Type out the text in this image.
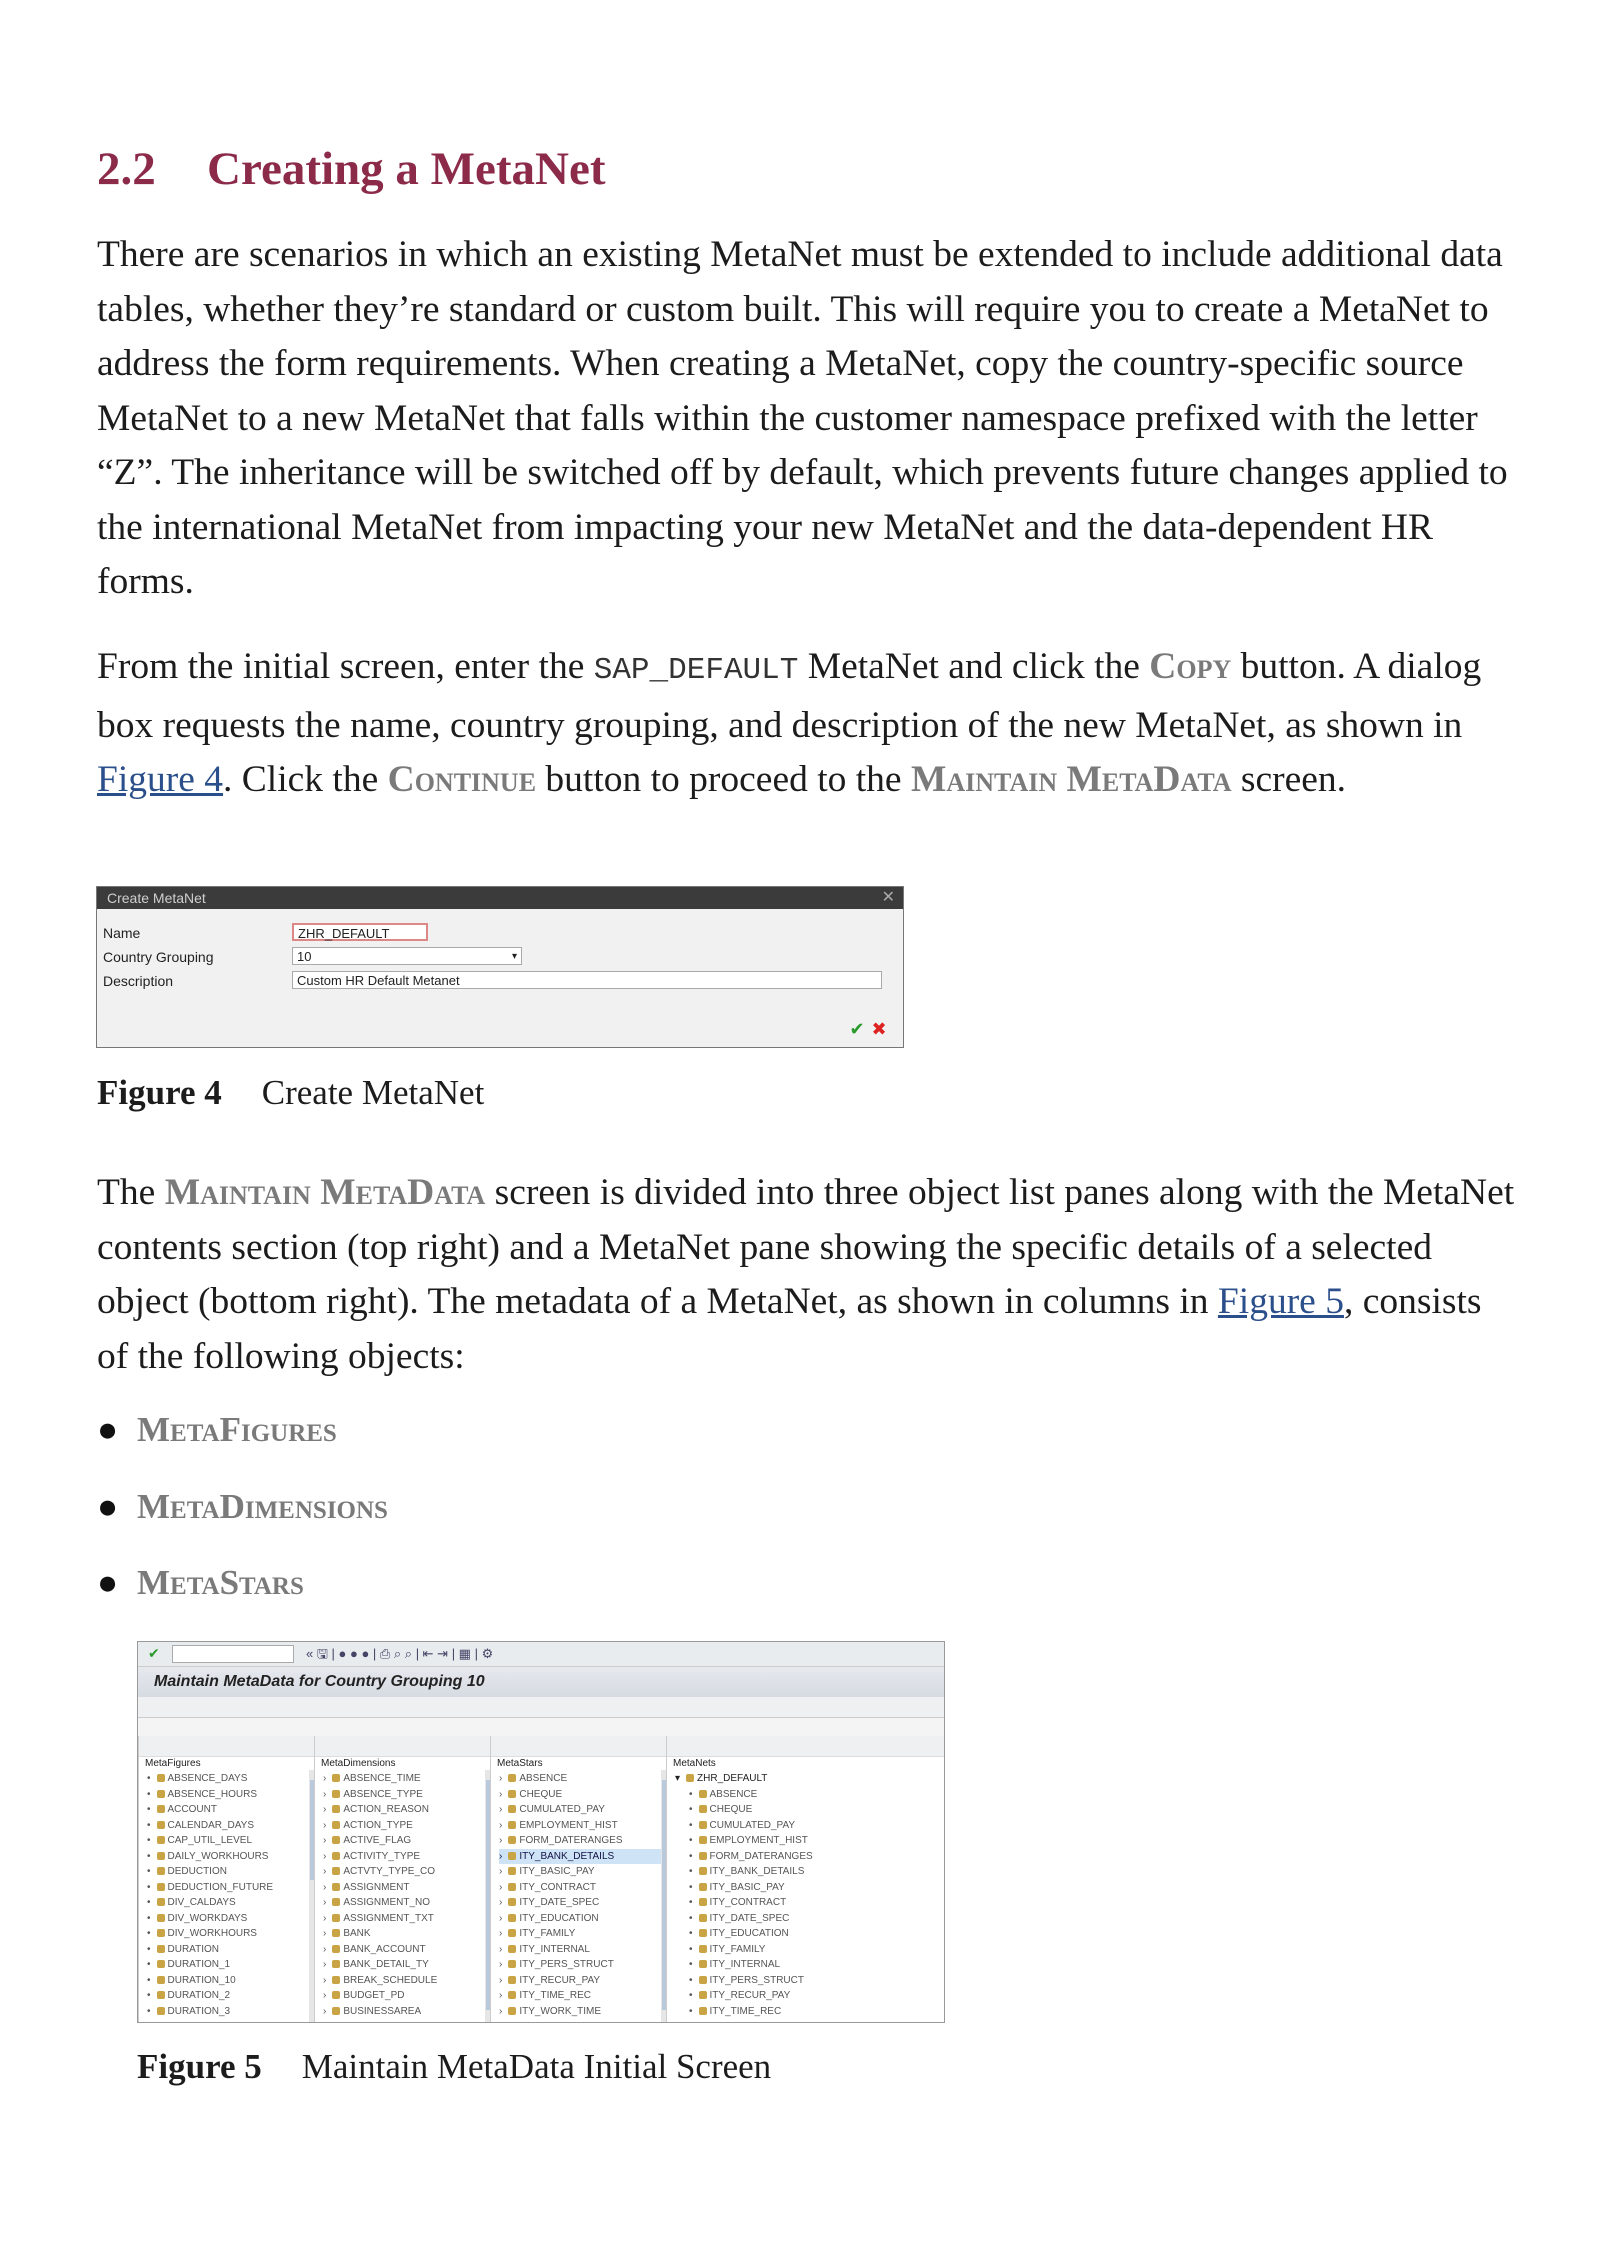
2.2 Creating a MetaNet

There are scenarios in which an existing MetaNet must be extended to include additional data tables, whether they’re standard or custom built. This will require you to create a MetaNet to address the form requirements. When creating a MetaNet, copy the country-specific source MetaNet to a new MetaNet that falls within the customer namespace prefixed with the letter “Z”. The inheritance will be switched off by default, which prevents future changes applied to the international MetaNet from impacting your new MetaNet and the data-dependent HR forms.

From the initial screen, enter the SAP_DEFAULT MetaNet and click the Copy button. A dialog box requests the name, country grouping, and description of the new MetaNet, as shown in Figure 4. Click the Continue button to proceed to the Maintain MetaData screen.

Create MetaNet	✕
Name
Country Grouping
Description
ZHR_DEFAULT
10	▾
Custom HR Default Metanet
✔ ✖
Figure 4 Create MetaNet

The Maintain MetaData screen is divided into three object list panes along with the MetaNet contents section (top right) and a MetaNet pane showing the specific details of a selected object (bottom right). The metadata of a MetaNet, as shown in columns in Figure 5, consists of the following objects:

● MetaFigures
● MetaDimensions
● MetaStars
✔	« 🖫 | ● ● ● | ⎙ ⌕ ⌕ | ⇤ ⇥ | ▦ | ⚙
Maintain MetaData for Country Grouping 10
MetaFigures
• ABSENCE_DAYS
• ABSENCE_HOURS
• ACCOUNT
• CALENDAR_DAYS
• CAP_UTIL_LEVEL
• DAILY_WORKHOURS
• DEDUCTION
• DEDUCTION_FUTURE
• DIV_CALDAYS
• DIV_WORKDAYS
• DIV_WORKHOURS
• DURATION
• DURATION_1
• DURATION_10
• DURATION_2
• DURATION_3
MetaDimensions
› ABSENCE_TIME
› ABSENCE_TYPE
› ACTION_REASON
› ACTION_TYPE
› ACTIVE_FLAG
› ACTIVITY_TYPE
› ACTVTY_TYPE_CO
› ASSIGNMENT
› ASSIGNMENT_NO
› ASSIGNMENT_TXT
› BANK
› BANK_ACCOUNT
› BANK_DETAIL_TY
› BREAK_SCHEDULE
› BUDGET_PD
› BUSINESSAREA
MetaStars
› ABSENCE
› CHEQUE
› CUMULATED_PAY
› EMPLOYMENT_HIST
› FORM_DATERANGES
› ITY_BANK_DETAILS
› ITY_BASIC_PAY
› ITY_CONTRACT
› ITY_DATE_SPEC
› ITY_EDUCATION
› ITY_FAMILY
› ITY_INTERNAL
› ITY_PERS_STRUCT
› ITY_RECUR_PAY
› ITY_TIME_REC
› ITY_WORK_TIME
MetaNets
▾ ZHR_DEFAULT
• ABSENCE
• CHEQUE
• CUMULATED_PAY
• EMPLOYMENT_HIST
• FORM_DATERANGES
• ITY_BANK_DETAILS
• ITY_BASIC_PAY
• ITY_CONTRACT
• ITY_DATE_SPEC
• ITY_EDUCATION
• ITY_FAMILY
• ITY_INTERNAL
• ITY_PERS_STRUCT
• ITY_RECUR_PAY
• ITY_TIME_REC
Figure 5 Maintain MetaData Initial Screen
